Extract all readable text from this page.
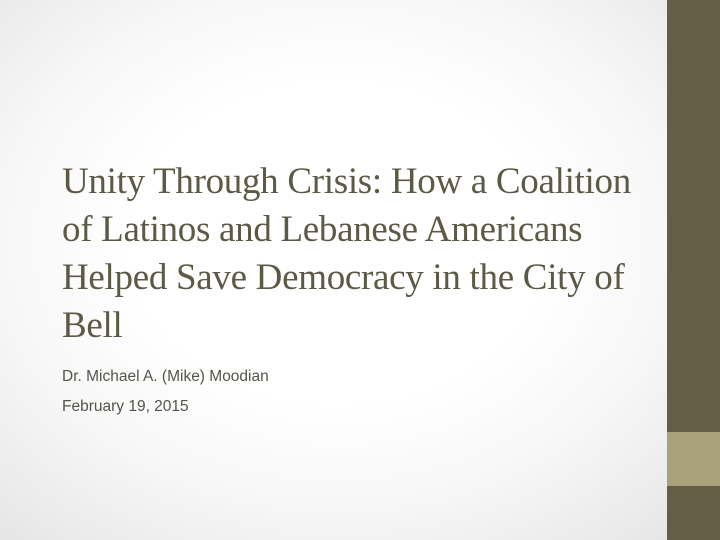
Unity Through Crisis: How a Coalition of Latinos and Lebanese Americans Helped Save Democracy in the City of Bell
Dr. Michael A. (Mike) Moodian
February 19, 2015
